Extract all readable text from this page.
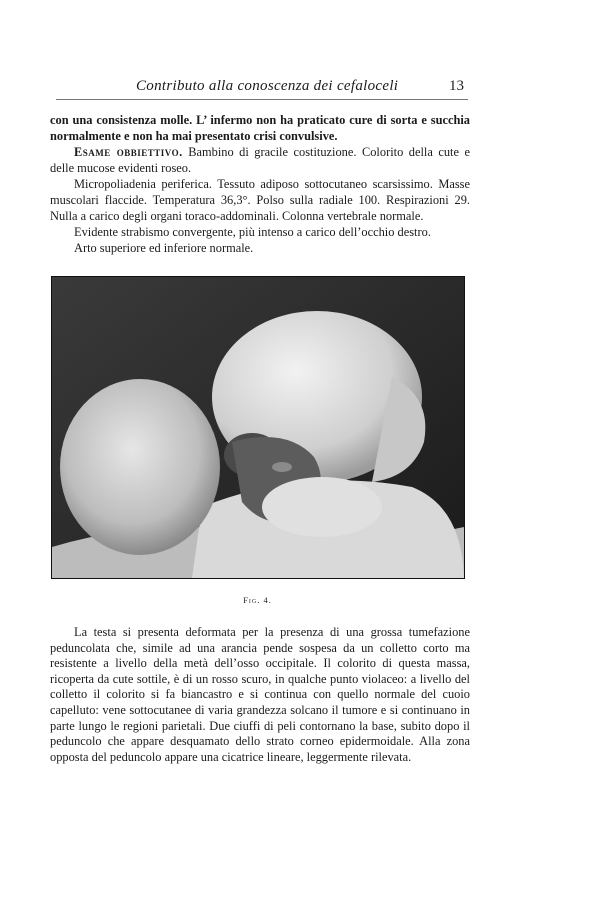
Contributo alla conoscenza dei cefaloceli	13

con una consistenza molle. L’ infermo non ha praticato cure di sorta e succhia normalmente e non ha mai presentato crisi convulsive.

Esame obbiettivo. Bambino di gracile costituzione. Colorito della cute e delle mucose evidenti roseo.

Micropoliadenia periferica. Tessuto adiposo sottocutaneo scarsissimo. Masse muscolari flaccide. Temperatura 36,3°. Polso sulla radiale 100. Respirazioni 29. Nulla a carico degli organi toraco-addominali. Colonna vertebrale normale.

Evidente strabismo convergente, più intenso a carico dell’occhio destro.

Arto superiore ed inferiore normale.

Fig. 4.

La testa si presenta deformata per la presenza di una grossa tumefazione peduncolata che, simile ad una arancia pende sospesa da un colletto corto ma resistente a livello della metà dell’osso occipitale. Il colorito di questa massa, ricoperta da cute sottile, è di un rosso scuro, in qualche punto violaceo: a livello del colletto il colorito si fa biancastro e si continua con quello normale del cuoio capelluto: vene sottocutanee di varia grandezza solcano il tumore e si continuano in parte lungo le regioni parietali. Due ciuffi di peli contornano la base, subito dopo il peduncolo che appare desquamato dello strato corneo epidermoidale. Alla zona opposta del peduncolo appare una cicatrice lineare, leggermente rilevata.
